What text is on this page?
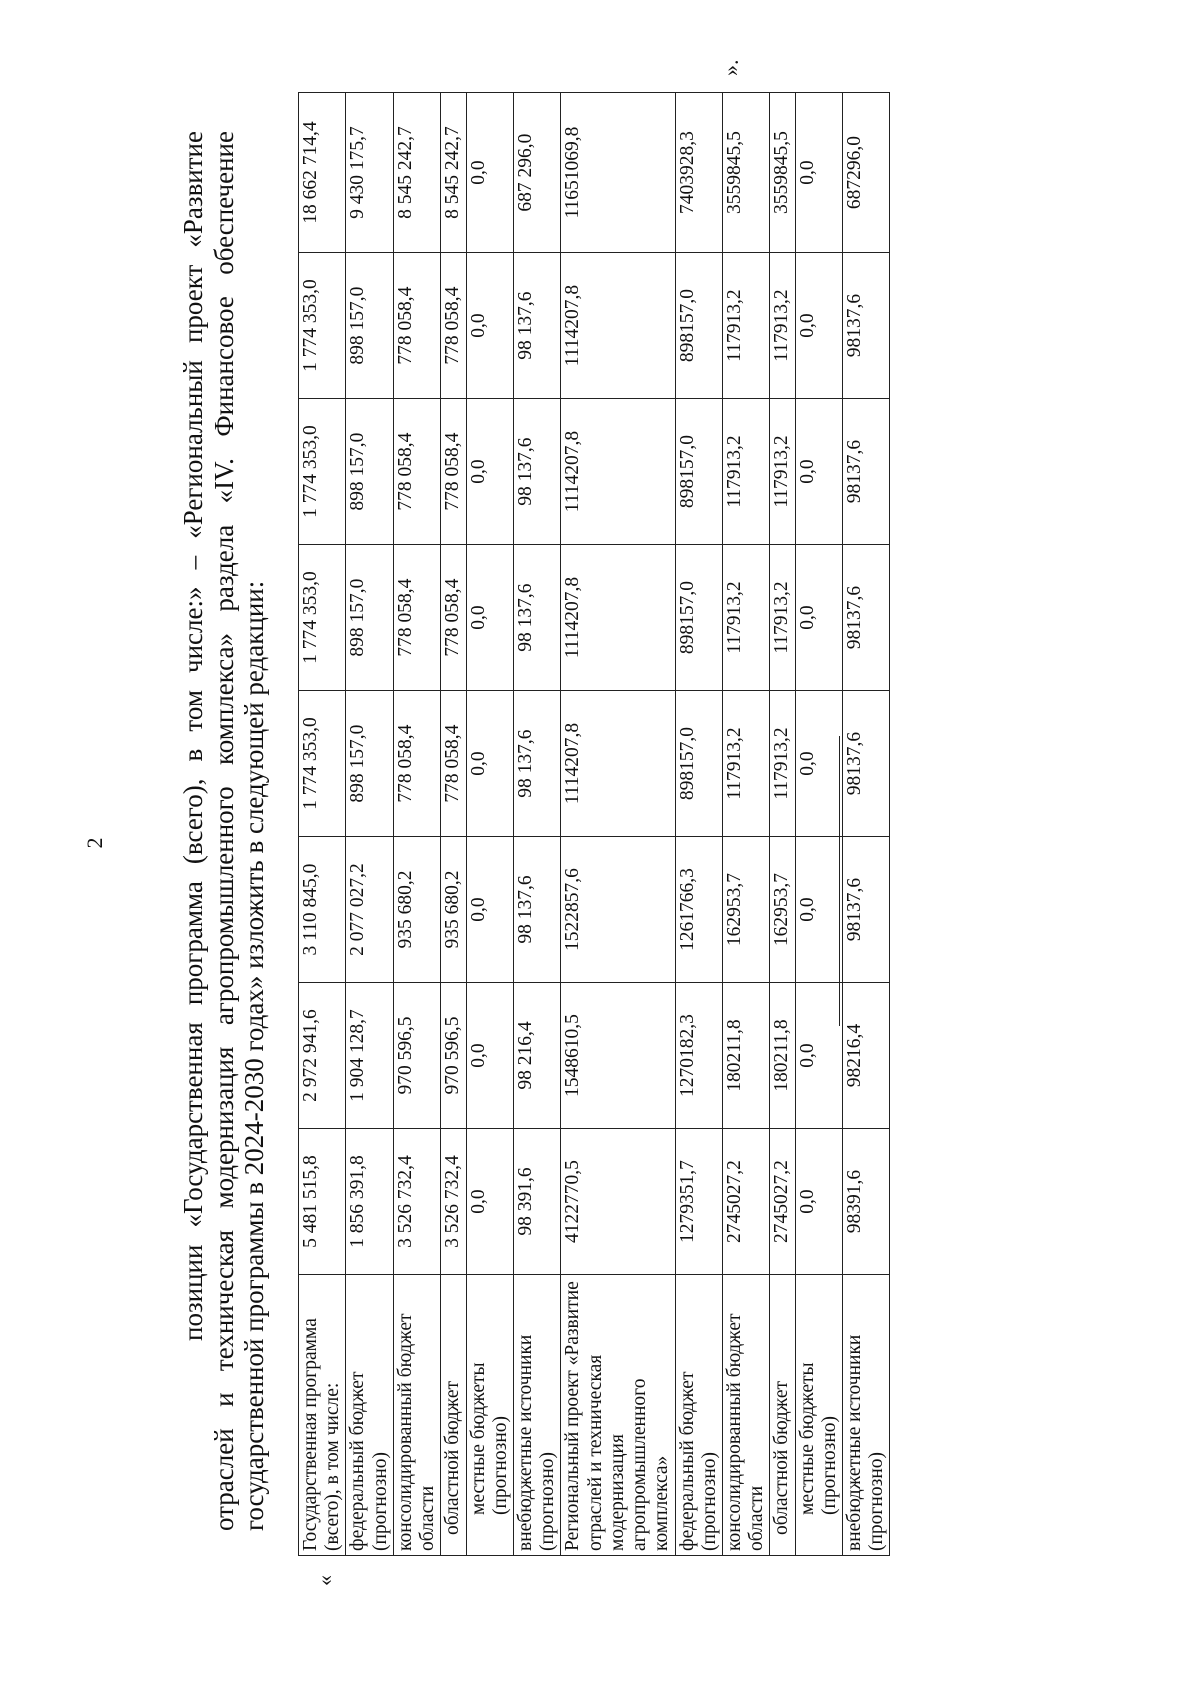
2	позиции «Государственная программа (всего), в том числе:» – «Региональный проект «Развитие отраслей и техническая модернизация агропромышленного комплекса» раздела «IV. Финансовое обеспечение государственной программы в 2024-2030 годах» изложить в следующей редакции:

«
Государственная программа (всего), в том числе:	5 481 515,8	2 972 941,6	3 110 845,0	1 774 353,0	1 774 353,0	1 774 353,0	1 774 353,0	18 662 714,4
федеральный бюджет (прогнозно)	1 856 391,8	1 904 128,7	2 077 027,2	898 157,0	898 157,0	898 157,0	898 157,0	9 430 175,7
консолидированный бюджет области	3 526 732,4	970 596,5	935 680,2	778 058,4	778 058,4	778 058,4	778 058,4	8 545 242,7
областной бюджет	3 526 732,4	970 596,5	935 680,2	778 058,4	778 058,4	778 058,4	778 058,4	8 545 242,7
местные бюджеты (прогнозно)	0,0	0,0	0,0	0,0	0,0	0,0	0,0	0,0
внебюджетные источники (прогнозно)	98 391,6	98 216,4	98 137,6	98 137,6	98 137,6	98 137,6	98 137,6	687 296,0
Региональный проект «Развитие отраслей и техническая модернизация агропромышленного комплекса»	4122770,5	1548610,5	1522857,6	1114207,8	1114207,8	1114207,8	1114207,8	11651069,8
федеральный бюджет (прогнозно)	1279351,7	1270182,3	1261766,3	898157,0	898157,0	898157,0	898157,0	7403928,3
консолидированный бюджет области	2745027,2	180211,8	162953,7	117913,2	117913,2	117913,2	117913,2	3559845,5
областной бюджет	2745027,2	180211,8	162953,7	117913,2	117913,2	117913,2	117913,2	3559845,5
местные бюджеты (прогнозно)	0,0	0,0	0,0	0,0	0,0	0,0	0,0	0,0
внебюджетные источники (прогнозно)	98391,6	98216,4	98137,6	98137,6	98137,6	98137,6	98137,6	687296,0
».
